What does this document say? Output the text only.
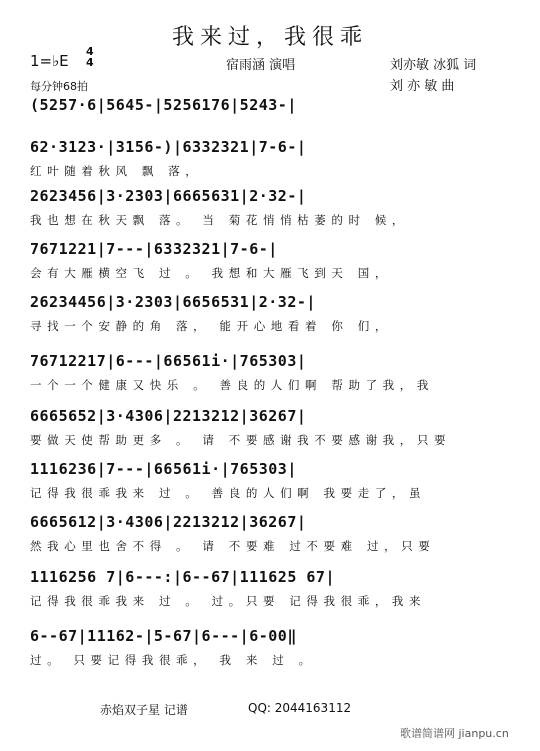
我来过，我很乖
1=♭E
4
4	宿雨涵 演唱	刘亦敏 冰狐 词
刘 亦 敏 曲
每分钟68拍
(5257·6|5645-|5256176|5243-|
62·3123·|3156-)|6332321|7-6-|
红叶随着秋风 飘 落，
2623456|3·2303|6665631|2·32-|
我也想在秋天飘 落。 当 菊花悄悄枯萎的时 候，
7671221|7---|6332321|7-6-|
会有大雁横空飞 过 。 我想和大雁飞到天 国，
26234456|3·2303|6656531|2·32-|
寻找一个安静的角 落， 能开心地看着 你 们，
76712217|6---|66561i·|765303|
一个一个健康又快乐 。 善良的人们啊 帮助了我，我
6665652|3·4306|2213212|36267|
要做天使帮助更多 。 请 不要感谢我不要感谢我，只要
1116236|7---|66561i·|765303|
记得我很乖我来 过 。 善良的人们啊 我要走了，虽
6665612|3·4306|2213212|36267|
然我心里也舍不得 。 请 不要难 过不要难 过，只要
1116256 7|6---:|6--67|111625 67|
记得我很乖我来 过 。 过。只要 记得我很乖，我来
6--67|11162-|5-67|6---|6-00‖
过。 只要记得我很乖， 我 来 过 。
赤焰双子星 记谱	QQ: 2044163112
歌谱简谱网 jianpu.cn
